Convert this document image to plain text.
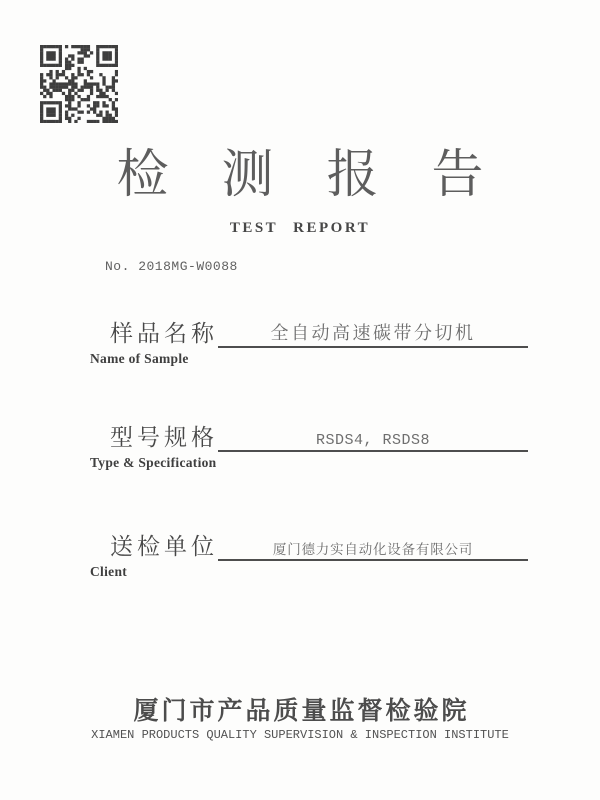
检测报告
TEST REPORT
No. 2018MG-W0088
样品名称	全自动高速碳带分切机
Name of Sample
型号规格	RSDS4, RSDS8
Type & Specification
送检单位	厦门德力实自动化设备有限公司
Client
厦门市产品质量监督检验院
XIAMEN PRODUCTS QUALITY SUPERVISION & INSPECTION INSTITUTE
